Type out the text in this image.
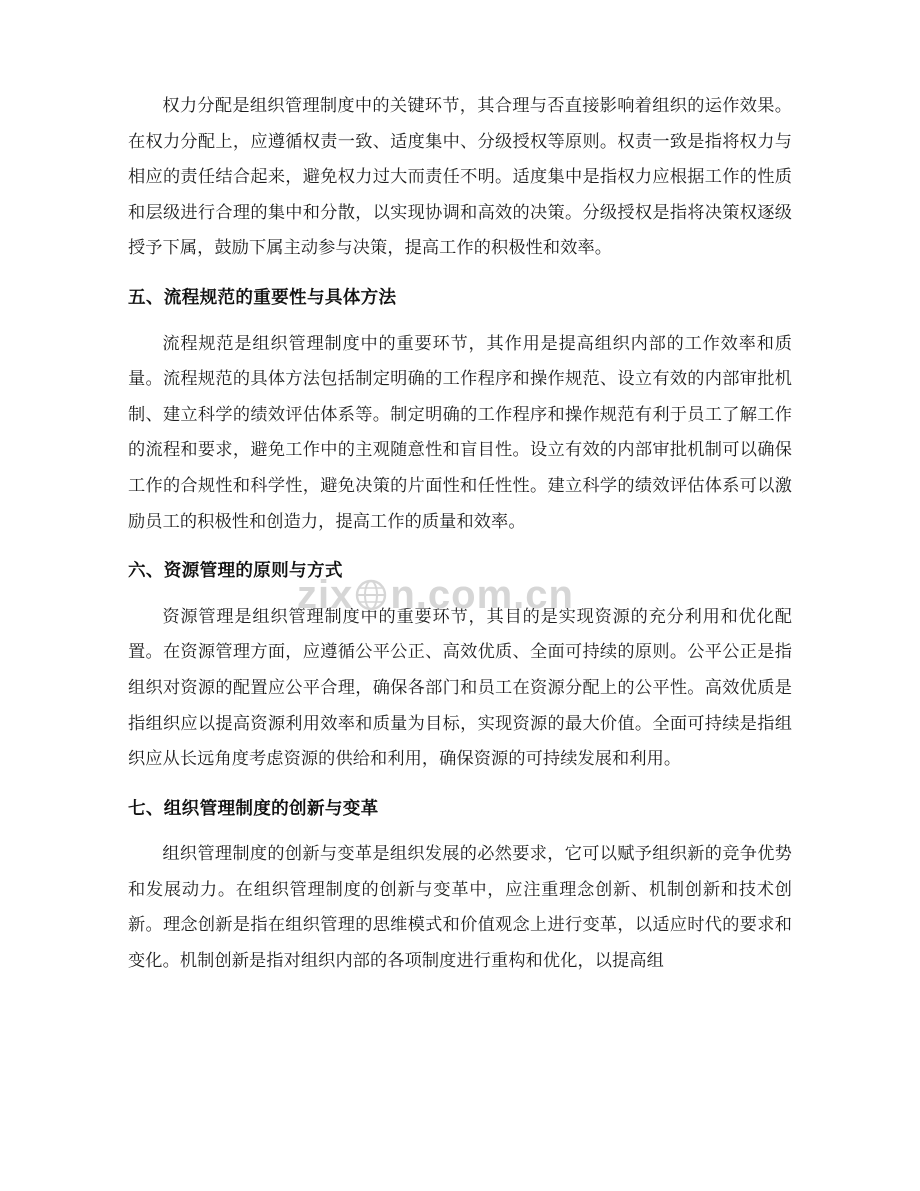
权力分配是组织管理制度中的关键环节，其合理与否直接影响着组织的运作效果。在权力分配上，应遵循权责一致、适度集中、分级授权等原则。权责一致是指将权力与相应的责任结合起来，避免权力过大而责任不明。适度集中是指权力应根据工作的性质和层级进行合理的集中和分散，以实现协调和高效的决策。分级授权是指将决策权逐级授予下属，鼓励下属主动参与决策，提高工作的积极性和效率。

五、流程规范的重要性与具体方法

流程规范是组织管理制度中的重要环节，其作用是提高组织内部的工作效率和质量。流程规范的具体方法包括制定明确的工作程序和操作规范、设立有效的内部审批机制、建立科学的绩效评估体系等。制定明确的工作程序和操作规范有利于员工了解工作的流程和要求，避免工作中的主观随意性和盲目性。设立有效的内部审批机制可以确保工作的合规性和科学性，避免决策的片面性和任性性。建立科学的绩效评估体系可以激励员工的积极性和创造力，提高工作的质量和效率。

六、资源管理的原则与方式

资源管理是组织管理制度中的重要环节，其目的是实现资源的充分利用和优化配置。在资源管理方面，应遵循公平公正、高效优质、全面可持续的原则。公平公正是指组织对资源的配置应公平合理，确保各部门和员工在资源分配上的公平性。高效优质是指组织应以提高资源利用效率和质量为目标，实现资源的最大价值。全面可持续是指组织应从长远角度考虑资源的供给和利用，确保资源的可持续发展和利用。

七、组织管理制度的创新与变革

组织管理制度的创新与变革是组织发展的必然要求，它可以赋予组织新的竞争优势和发展动力。在组织管理制度的创新与变革中，应注重理念创新、机制创新和技术创新。理念创新是指在组织管理的思维模式和价值观念上进行变革，以适应时代的要求和变化。机制创新是指对组织内部的各项制度进行重构和优化，以提高组

zix n.com.cn
